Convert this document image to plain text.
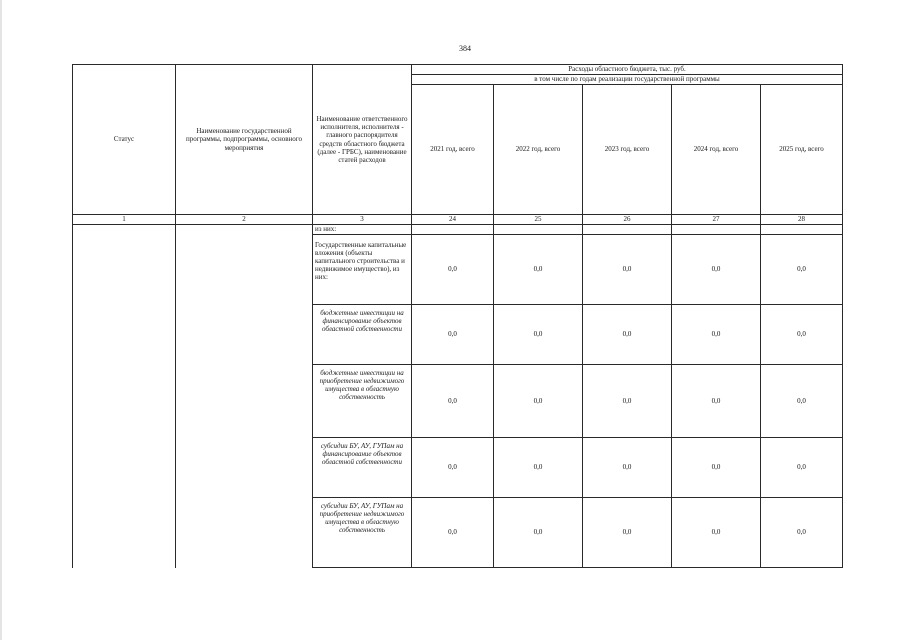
384
Статус	Наименование государственной программы, подпрограммы, основного мероприятия	Наименование ответственного исполнителя, исполнителя - главного распорядителя средств областного бюджета (далее - ГРБС), наименование статей расходов	Расходы областного бюджета, тыс. руб.				
			в том числе по годам реализации государственной программы				
			2021 год, всего	2022 год, всего	2023 год, всего	2024 год, всего	2025 год, всего
1	2	3	24	25	26	27	28
		из них:					
		Государственные капитальные вложения (объекты капитального строительства и недвижимое имущество), из них:	0,0	0,0	0,0	0,0	0,0
		бюджетные инвестиции на финансирование объектов областной собственности	0,0	0,0	0,0	0,0	0,0
		бюджетные инвестиции на приобретение недвижимого имущества в областную собственность	0,0	0,0	0,0	0,0	0,0
		субсидии БУ, АУ, ГУПам на финансирование объектов областной собственности	0,0	0,0	0,0	0,0	0,0
		субсидии БУ, АУ, ГУПам на приобретение недвижимого имущества в областную собственность	0,0	0,0	0,0	0,0	0,0
